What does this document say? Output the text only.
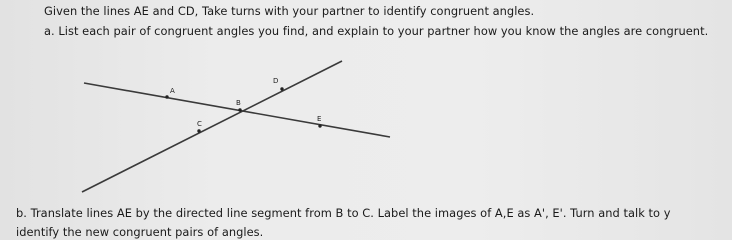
Given the lines AE and CD, Take turns with your partner to identify congruent angles.

a. List each pair of congruent angles you find, and explain to your partner how you know the angles are congruent.

A
B
C
D
E

b. Translate lines AE by the directed line segment from B to C. Label the images of A,E as A', E'. Turn and talk to y

identify the new congruent pairs of angles.
